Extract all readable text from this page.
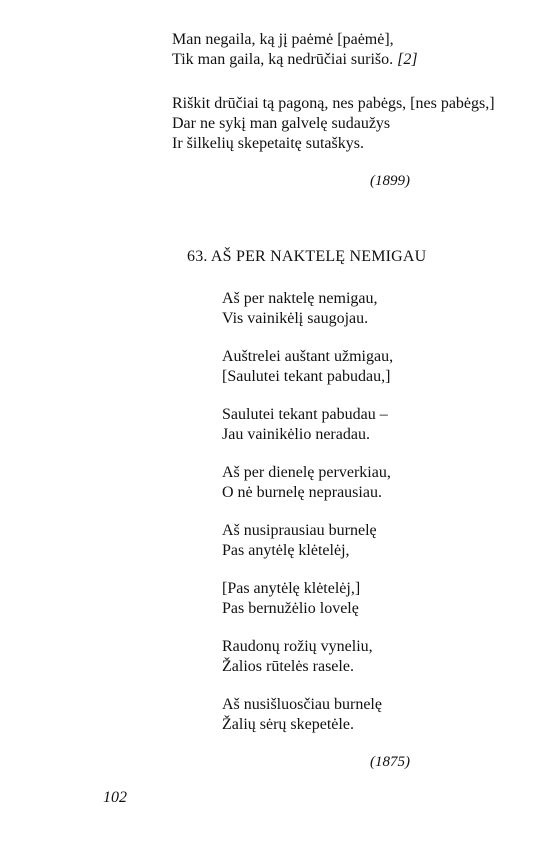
Man negaila, ką jį paėmė [paėmė],
Tik man gaila, ką nedrūčiai surišo. [2]
Riškit drūčiai tą pagoną, nes pabėgs, [nes pabėgs,]
Dar ne sykį man galvelę sudaužys
Ir šilkelių skepetaitę sutaškys.
(1899)
63. AŠ PER NAKTELĘ NEMIGAU
Aš per naktelę nemigau,
Vis vainikėlį saugojau.
Auštrelei auštant užmigau,
[Saulutei tekant pabudau,]
Saulutei tekant pabudau –
Jau vainikėlio neradau.
Aš per dienelę perverkiau,
O nė burnelę neprausiau.
Aš nusiprausiau burnelę
Pas anytėlę klėtelėj,
[Pas anytėlę klėtelėj,]
Pas bernužėlio lovelę
Raudonų rožių vyneliu,
Žalios rūtelės rasele.
Aš nusišluosčiau burnelę
Žalių sėrų skepetėle.
(1875)
102
